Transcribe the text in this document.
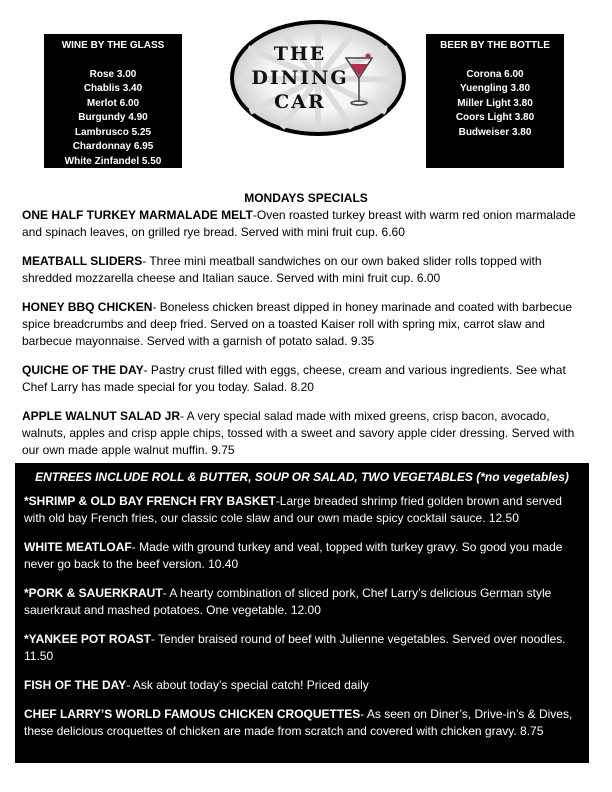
WINE BY THE GLASS
Rose 3.00
Chablis 3.40
Merlot 6.00
Burgundy 4.90
Lambrusco 5.25
Chardonnay 6.95
White Zinfandel 5.50
THE
DINING
CAR
BEER BY THE BOTTLE
Corona 6.00
Yuengling 3.80
Miller Light 3.80
Coors Light 3.80
Budweiser 3.80
MONDAYS SPECIALS

ONE HALF TURKEY MARMALADE MELT-Oven roasted turkey breast with warm red onion marmalade and spinach leaves, on grilled rye bread. Served with mini fruit cup. 6.60

MEATBALL SLIDERS- Three mini meatball sandwiches on our own baked slider rolls topped with shredded mozzarella cheese and Italian sauce. Served with mini fruit cup. 6.00

HONEY BBQ CHICKEN- Boneless chicken breast dipped in honey marinade and coated with barbecue spice breadcrumbs and deep fried. Served on a toasted Kaiser roll with spring mix, carrot slaw and barbecue mayonnaise. Served with a garnish of potato salad. 9.35

QUICHE OF THE DAY- Pastry crust filled with eggs, cheese, cream and various ingredients. See what Chef Larry has made special for you today. Salad. 8.20

APPLE WALNUT SALAD JR- A very special salad made with mixed greens, crisp bacon, avocado, walnuts, apples and crisp apple chips, tossed with a sweet and savory apple cider dressing. Served with our own made apple walnut muffin. 9.75

ENTREES INCLUDE ROLL & BUTTER, SOUP OR SALAD, TWO VEGETABLES (*no vegetables)

*SHRIMP & OLD BAY FRENCH FRY BASKET-Large breaded shrimp fried golden brown and served with old bay French fries, our classic cole slaw and our own made spicy cocktail sauce. 12.50

WHITE MEATLOAF- Made with ground turkey and veal, topped with turkey gravy. So good you made never go back to the beef version. 10.40

*PORK & SAUERKRAUT- A hearty combination of sliced pork, Chef Larry’s delicious German style sauerkraut and mashed potatoes. One vegetable. 12.00

*YANKEE POT ROAST- Tender braised round of beef with Julienne vegetables. Served over noodles. 11.50

FISH OF THE DAY- Ask about today’s special catch! Priced daily

CHEF LARRY’S WORLD FAMOUS CHICKEN CROQUETTES- As seen on Diner’s, Drive-in’s & Dives, these delicious croquettes of chicken are made from scratch and covered with chicken gravy. 8.75
